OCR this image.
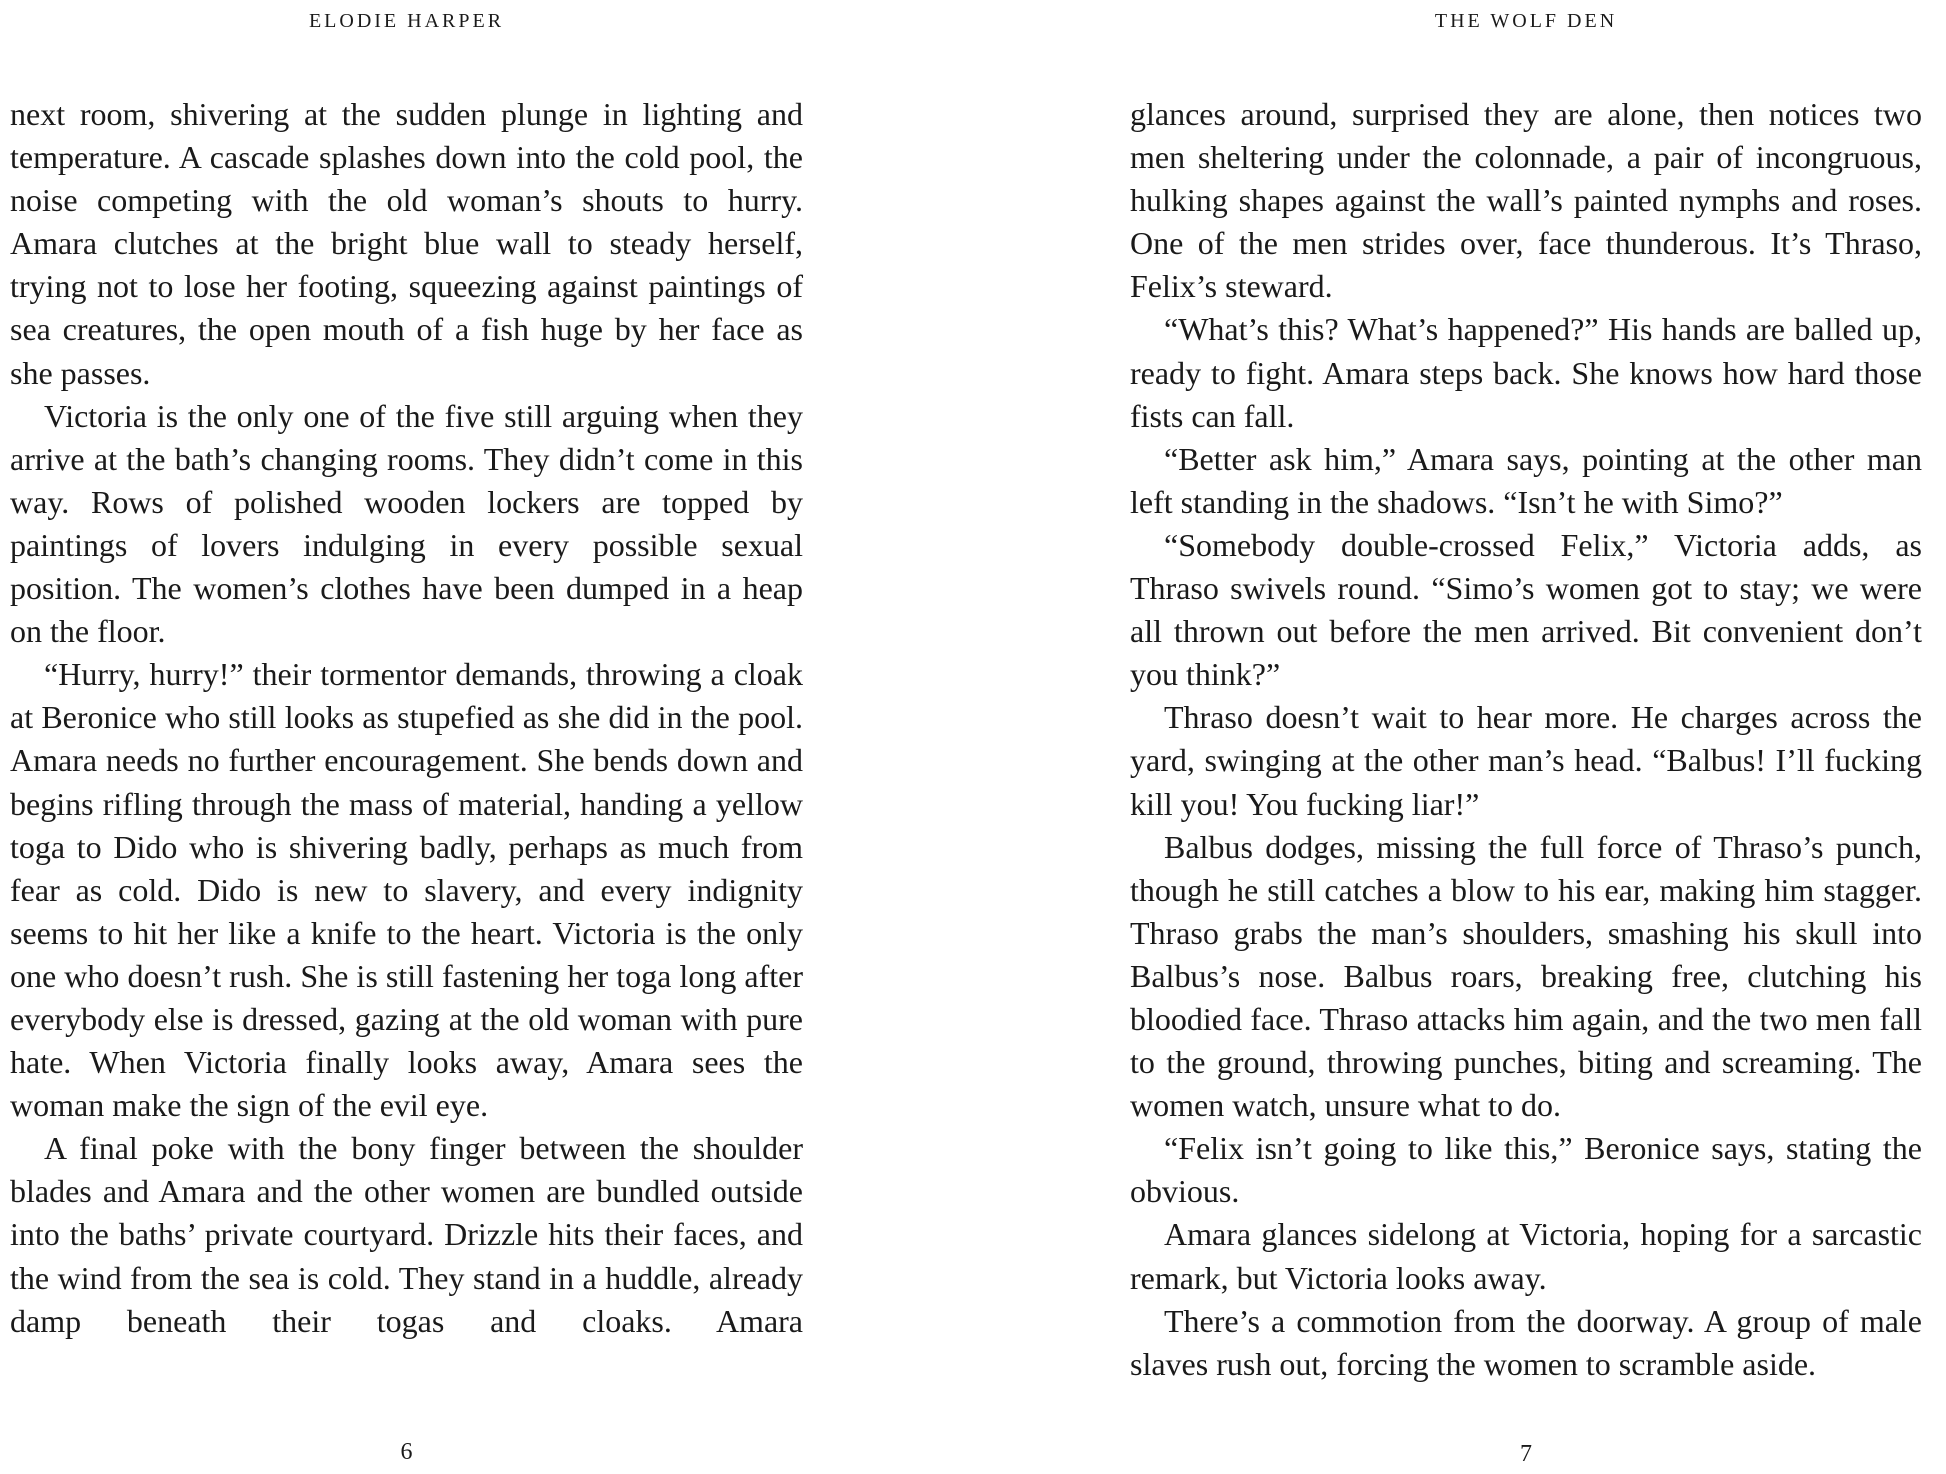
ELODIE HARPER

next room, shivering at the sudden plunge in lighting and temperature. A cascade splashes down into the cold pool, the noise competing with the old woman’s shouts to hurry. Amara clutches at the bright blue wall to steady herself, trying not to lose her footing, squeezing against paintings of sea creatures, the open mouth of a fish huge by her face as she passes.

Victoria is the only one of the five still arguing when they arrive at the bath’s changing rooms. They didn’t come in this way. Rows of polished wooden lockers are topped by paintings of lovers indulging in every possible sexual position. The women’s clothes have been dumped in a heap on the floor.

“Hurry, hurry!” their tormentor demands, throwing a cloak at Beronice who still looks as stupefied as she did in the pool. Amara needs no further encouragement. She bends down and begins rifling through the mass of material, handing a yellow toga to Dido who is shivering badly, perhaps as much from fear as cold. Dido is new to slavery, and every indignity seems to hit her like a knife to the heart. Victoria is the only one who doesn’t rush. She is still fastening her toga long after everybody else is dressed, gazing at the old woman with pure hate. When Victoria finally looks away, Amara sees the woman make the sign of the evil eye.

A final poke with the bony finger between the shoulder blades and Amara and the other women are bundled outside into the baths’ private courtyard. Drizzle hits their faces, and the wind from the sea is cold. They stand in a huddle, already damp beneath their togas and cloaks. Amara

6
THE WOLF DEN

glances around, surprised they are alone, then notices two men sheltering under the colonnade, a pair of incongruous, hulking shapes against the wall’s painted nymphs and roses. One of the men strides over, face thunderous. It’s Thraso, Felix’s steward.

“What’s this? What’s happened?” His hands are balled up, ready to fight. Amara steps back. She knows how hard those fists can fall.

“Better ask him,” Amara says, pointing at the other man left standing in the shadows. “Isn’t he with Simo?”

“Somebody double-crossed Felix,” Victoria adds, as Thraso swivels round. “Simo’s women got to stay; we were all thrown out before the men arrived. Bit convenient don’t you think?”

Thraso doesn’t wait to hear more. He charges across the yard, swinging at the other man’s head. “Balbus! I’ll fucking kill you! You fucking liar!”

Balbus dodges, missing the full force of Thraso’s punch, though he still catches a blow to his ear, making him stagger. Thraso grabs the man’s shoulders, smashing his skull into Balbus’s nose. Balbus roars, breaking free, clutching his bloodied face. Thraso attacks him again, and the two men fall to the ground, throwing punches, biting and screaming. The women watch, unsure what to do.

“Felix isn’t going to like this,” Beronice says, stating the obvious.

Amara glances sidelong at Victoria, hoping for a sarcastic remark, but Victoria looks away.

There’s a commotion from the doorway. A group of male slaves rush out, forcing the women to scramble aside.

7
